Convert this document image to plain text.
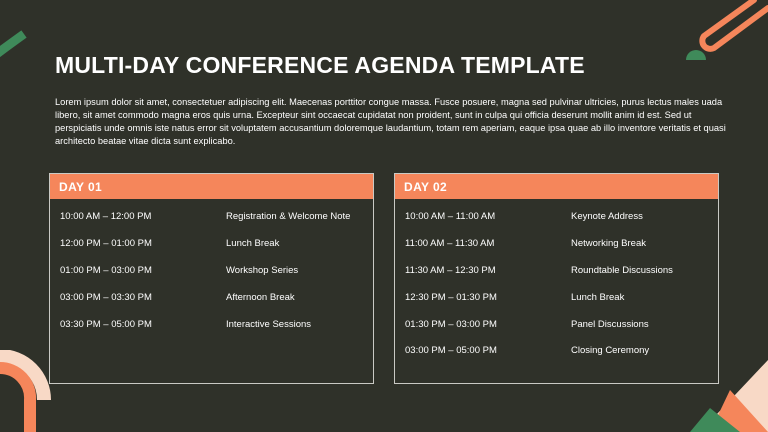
MULTI-DAY CONFERENCE AGENDA TEMPLATE

Lorem ipsum dolor sit amet, consectetuer adipiscing elit. Maecenas porttitor congue massa. Fusce posuere, magna sed pulvinar ultricies, purus lectus males uada libero, sit amet commodo magna eros quis urna. Excepteur sint occaecat cupidatat non proident, sunt in culpa qui officia deserunt mollit anim id est. Sed ut perspiciatis unde omnis iste natus error sit voluptatem accusantium doloremque laudantium, totam rem aperiam, eaque ipsa quae ab illo inventore veritatis et quasi architecto beatae vitae dicta sunt explicabo.

DAY 01
10:00 AM – 12:00 PM	Registration & Welcome Note
12:00 PM – 01:00 PM	Lunch Break
01:00 PM – 03:00 PM	Workshop Series
03:00 PM – 03:30 PM	Afternoon Break
03:30 PM – 05:00 PM	Interactive Sessions
DAY 02
10:00 AM – 11:00 AM	Keynote Address
11:00 AM – 11:30 AM	Networking Break
11:30 AM – 12:30 PM	Roundtable Discussions
12:30 PM – 01:30 PM	Lunch Break
01:30 PM – 03:00 PM	Panel Discussions
03:00 PM – 05:00 PM	Closing Ceremony
